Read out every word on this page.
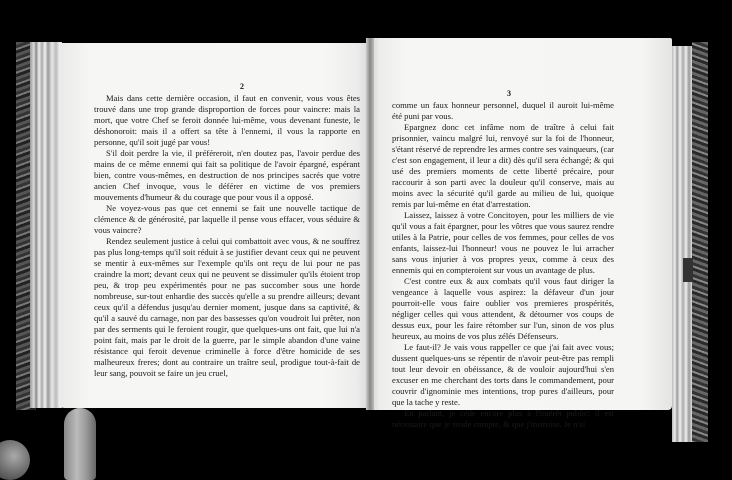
2
3

Mais dans cette dernière occasion, il faut en convenir, vous vous êtes trouvé dans une trop grande disproportion de forces pour vaincre: mais la mort, que votre Chef se feroit donnée lui-même, vous devenant funeste, le déshonoroit: mais il a offert sa tête à l'ennemi, il vous la rapporte en personne, qu'il soit jugé par vous!

S'il doit perdre la vie, il préféreroit, n'en doutez pas, l'avoir perdue des mains de ce même ennemi qui fait sa politique de l'avoir épargné, espérant bien, contre vous-mêmes, en destruction de nos principes sacrés que votre ancien Chef invoque, vous le déférer en victime de vos premiers mouvements d'humeur & du courage que pour vous il a opposé.

Ne voyez-vous pas que cet ennemi se fait une nouvelle tactique de clémence & de générosité, par laquelle il pense vous effacer, vous séduire & vous vaincre?

Rendez seulement justice à celui qui combattoit avec vous, & ne souffrez pas plus long-temps qu'il soit réduit à se justifier devant ceux qui ne peuvent se mentir à eux-mêmes sur l'exemple qu'ils ont reçu de lui pour ne pas craindre la mort; devant ceux qui ne peuvent se dissimuler qu'ils étoient trop peu, & trop peu expérimentés pour ne pas succomber sous une horde nombreuse, sur-tout enhardie des succès qu'elle a su prendre ailleurs; devant ceux qu'il a défendus jusqu'au dernier moment, jusque dans sa captivité, & qu'il a sauvé du carnage, non par des bassesses qu'on voudroit lui prêter, non par des serments qui le feroient rougir, que quelques-uns ont fait, que lui n'a point fait, mais par le droit de la guerre, par le simple abandon d'une vaine résistance qui feroit devenue criminelle à force d'être homicide de ses malheureux freres; dont au contraire un traître seul, prodigue tout-à-fait de leur sang, pouvoit se faire un jeu cruel,

comme un faux honneur personnel, duquel il auroit lui-même été puni par vous.

Epargnez donc cet infâme nom de traître à celui fait prisonnier, vaincu malgré lui, renvoyé sur la foi de l'honneur, s'étant réservé de reprendre les armes contre ses vainqueurs, (car c'est son engagement, il leur a dit) dès qu'il sera échangé; & qui usé des premiers moments de cette liberté précaire, pour raccourir à son parti avec la douleur qu'il conserve, mais au moins avec la sécurité qu'il garde au milieu de lui, quoique remis par lui-même en état d'arrestation.

Laissez, laissez à votre Concitoyen, pour les milliers de vie qu'il vous a fait épargner, pour les vôtres que vous saurez rendre utiles à la Patrie, pour celles de vos femmes, pour celles de vos enfants, laissez-lui l'honneur! vous ne pouvez le lui arracher sans vous injurier à vos propres yeux, comme à ceux des ennemis qui en compteroient sur vous un avantage de plus.

C'est contre eux & aux combats qu'il vous faut diriger la vengeance à laquelle vous aspirez: la défaveur d'un jour pourroit-elle vous faire oublier vos premieres prospérités, négliger celles qui vous attendent, & détourner vos coups de dessus eux, pour les faire rétomber sur l'un, sinon de vos plus heureux, au moins de vos plus zélés Défenseurs.

Le faut-il? Je vais vous rappeller ce que j'ai fait avec vous; dussent quelques-uns se répentir de n'avoir peut-être pas rempli tout leur devoir en obéissance, & de vouloir aujourd'hui s'en excuser en me cherchant des torts dans le commandement, pour couvrir d'ignominie mes intentions, trop pures d'ailleurs, pour que la tache y reste.

En parlant, je céde encore plus à l'intérêt public: il est nécessaire que je rende compte, & que j'instruise. Je n'ai
